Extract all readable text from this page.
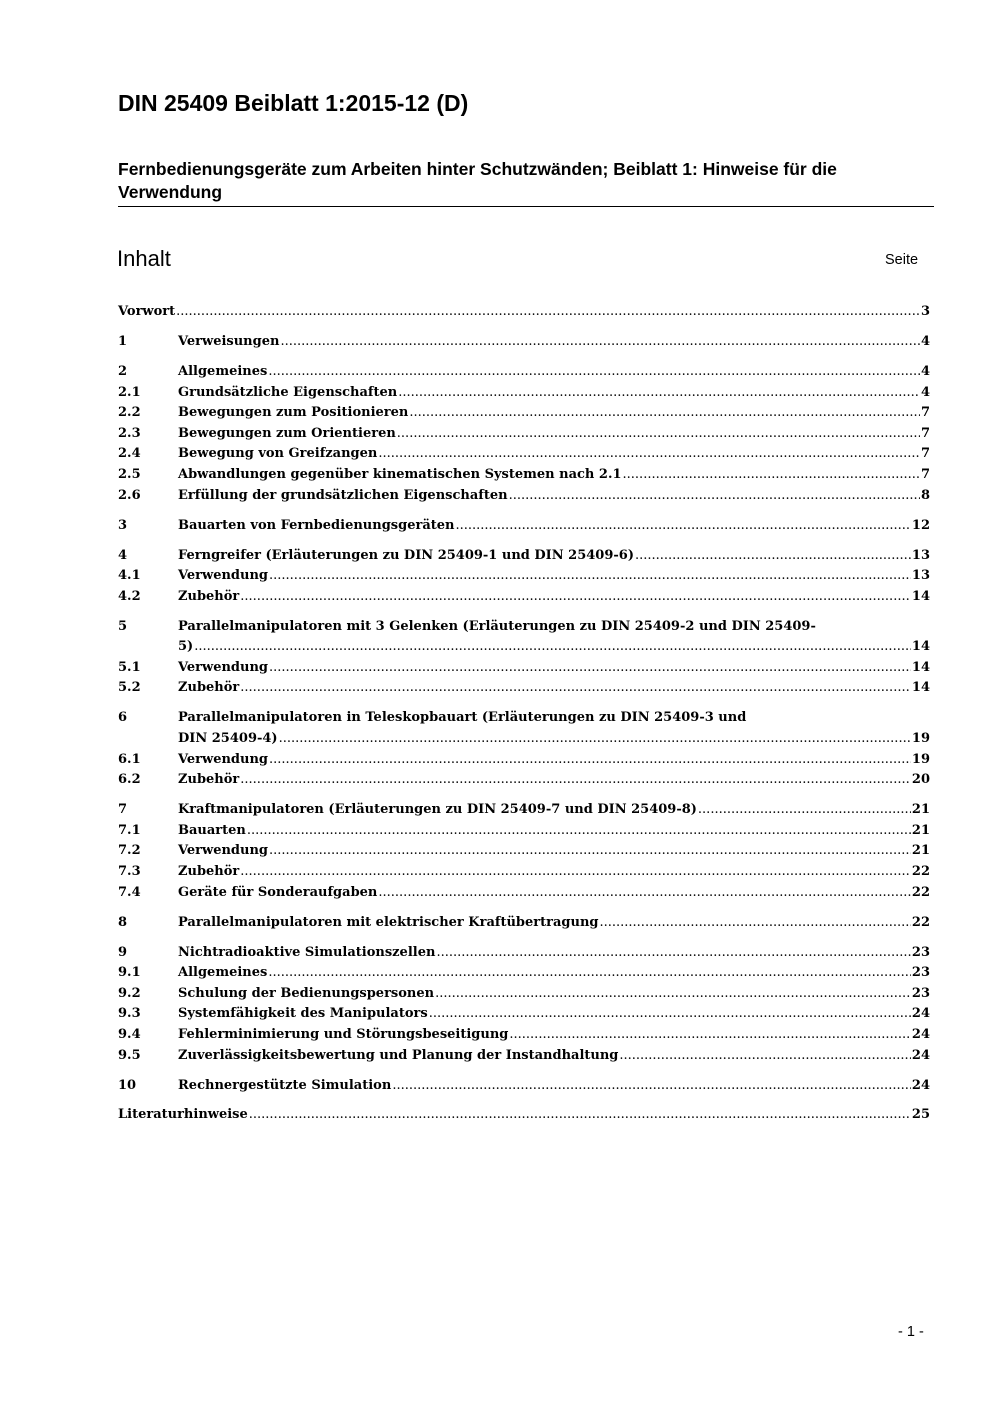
DIN 25409 Beiblatt 1:2015-12 (D)
Fernbedienungsgeräte zum Arbeiten hinter Schutzwänden; Beiblatt 1: Hinweise für die Verwendung
Inhalt	Seite
Vorwort .....	3
1	Verweisungen .....	4
2	Allgemeines .....	4
2.1	Grundsätzliche Eigenschaften .....	4
2.2	Bewegungen zum Positionieren .....	7
2.3	Bewegungen zum Orientieren .....	7
2.4	Bewegung von Greifzangen .....	7
2.5	Abwandlungen gegenüber kinematischen Systemen nach 2.1 .....	7
2.6	Erfüllung der grundsätzlichen Eigenschaften .....	8
3	Bauarten von Fernbedienungsgeräten .....	12
4	Ferngreifer (Erläuterungen zu DIN 25409-1 und DIN 25409-6) .....	13
4.1	Verwendung .....	13
4.2	Zubehör .....	14
5	Parallelmanipulatoren mit 3 Gelenken (Erläuterungen zu DIN 25409-2 und DIN 25409-
5) .....	14
5.1	Verwendung .....	14
5.2	Zubehör .....	14
6	Parallelmanipulatoren in Teleskopbauart (Erläuterungen zu DIN 25409-3 und
DIN 25409-4) .....	19
6.1	Verwendung .....	19
6.2	Zubehör .....	20
7	Kraftmanipulatoren (Erläuterungen zu DIN 25409-7 und DIN 25409-8) .....	21
7.1	Bauarten .....	21
7.2	Verwendung .....	21
7.3	Zubehör .....	22
7.4	Geräte für Sonderaufgaben .....	22
8	Parallelmanipulatoren mit elektrischer Kraftübertragung .....	22
9	Nichtradioaktive Simulationszellen .....	23
9.1	Allgemeines .....	23
9.2	Schulung der Bedienungspersonen .....	23
9.3	Systemfähigkeit des Manipulators .....	24
9.4	Fehlerminimierung und Störungsbeseitigung .....	24
9.5	Zuverlässigkeitsbewertung und Planung der Instandhaltung .....	24
10	Rechnergestützte Simulation .....	24
Literaturhinweise .....	25
- 1 -
